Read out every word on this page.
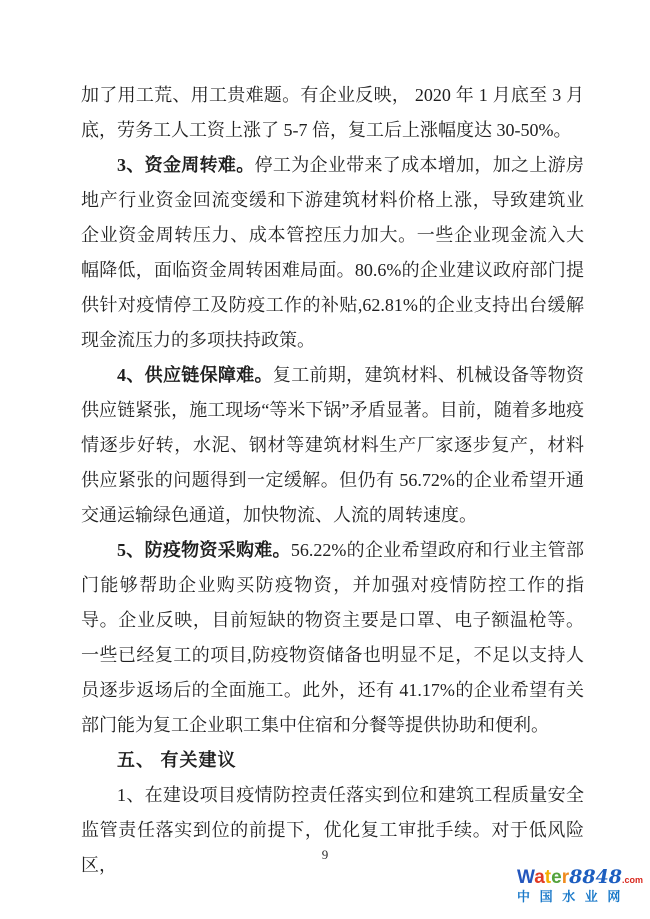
加了用工荒、用工贵难题。有企业反映， 2020 年 1 月底至 3 月底，劳务工人工资上涨了 5-7 倍，复工后上涨幅度达 30-50%。

3、资金周转难。停工为企业带来了成本增加，加之上游房地产行业资金回流变缓和下游建筑材料价格上涨，导致建筑业企业资金周转压力、成本管控压力加大。一些企业现金流入大幅降低，面临资金周转困难局面。80.6%的企业建议政府部门提供针对疫情停工及防疫工作的补贴,62.81%的企业支持出台缓解现金流压力的多项扶持政策。

4、供应链保障难。复工前期，建筑材料、机械设备等物资供应链紧张，施工现场“等米下锅”矛盾显著。目前，随着多地疫情逐步好转，水泥、钢材等建筑材料生产厂家逐步复产，材料供应紧张的问题得到一定缓解。但仍有 56.72%的企业希望开通交通运输绿色通道，加快物流、人流的周转速度。

5、防疫物资采购难。56.22%的企业希望政府和行业主管部门能够帮助企业购买防疫物资，并加强对疫情防控工作的指导。企业反映，目前短缺的物资主要是口罩、电子额温枪等。一些已经复工的项目,防疫物资储备也明显不足，不足以支持人员逐步返场后的全面施工。此外，还有 41.17%的企业希望有关部门能为复工企业职工集中住宿和分餐等提供协助和便利。

五、 有关建议

1、在建设项目疫情防控责任落实到位和建筑工程质量安全监管责任落实到位的前提下，优化复工审批手续。对于低风险区，

9
Water8848.com
中 国 水 业 网
